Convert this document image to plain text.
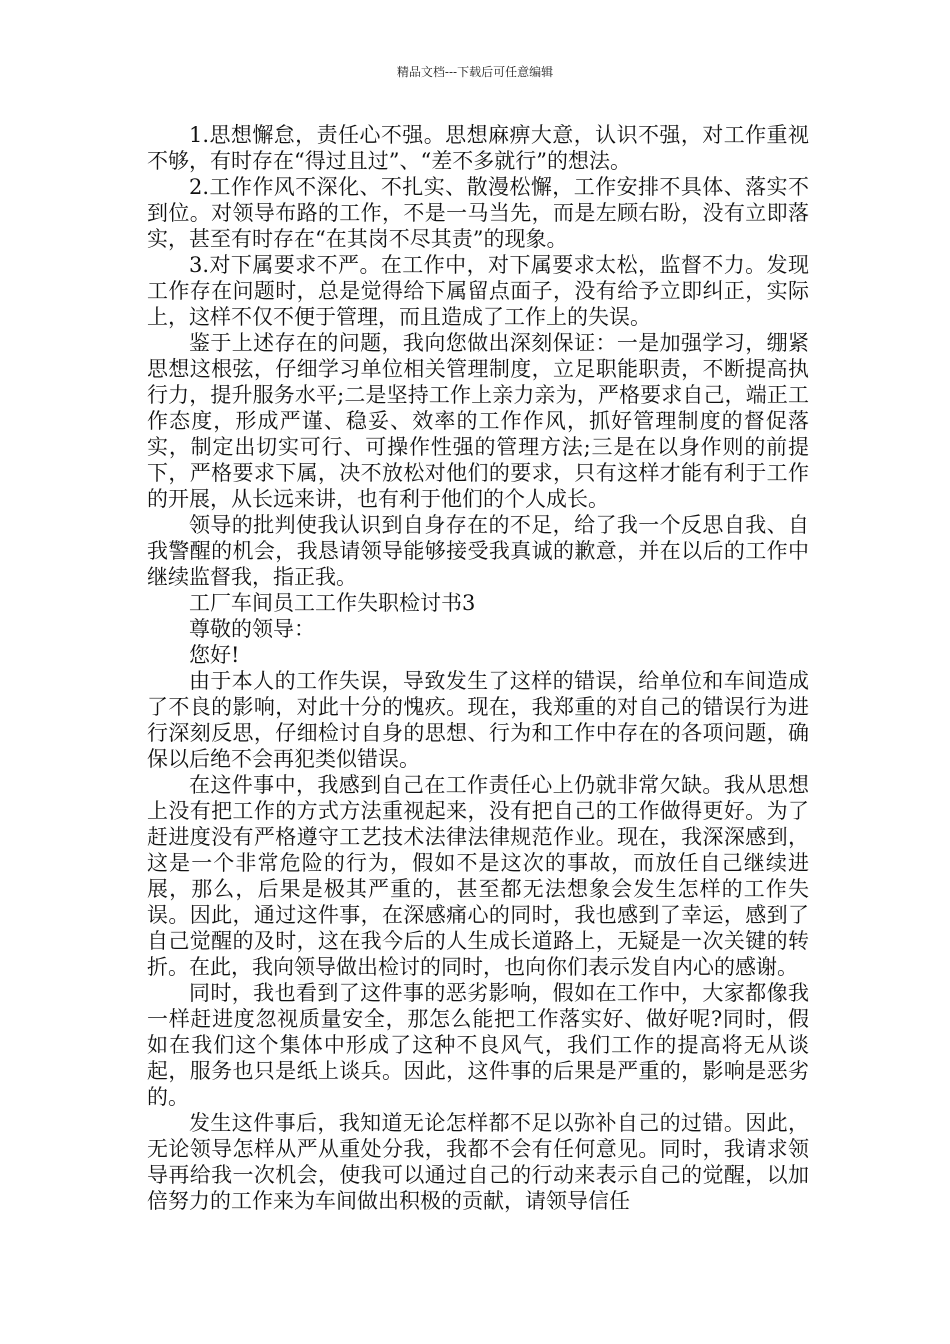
精品文档---下载后可任意编辑

1.思想懈怠，责任心不强。思想麻痹大意，认识不强，对工作重视不够，有时存在“得过且过”、“差不多就行”的想法。

2.工作作风不深化、不扎实、散漫松懈，工作安排不具体、落实不到位。对领导布路的工作，不是一马当先，而是左顾右盼，没有立即落实，甚至有时存在“在其岗不尽其责”的现象。

3.对下属要求不严。在工作中，对下属要求太松，监督不力。发现工作存在问题时，总是觉得给下属留点面子，没有给予立即纠正，实际上，这样不仅不便于管理，而且造成了工作上的失误。

鉴于上述存在的问题，我向您做出深刻保证：一是加强学习，绷紧思想这根弦，仔细学习单位相关管理制度，立足职能职责，不断提高执行力，提升服务水平;二是坚持工作上亲力亲为，严格要求自己，端正工作态度，形成严谨、稳妥、效率的工作作风，抓好管理制度的督促落实，制定出切实可行、可操作性强的管理方法;三是在以身作则的前提下，严格要求下属，决不放松对他们的要求，只有这样才能有利于工作的开展，从长远来讲，也有利于他们的个人成长。

领导的批判使我认识到自身存在的不足，给了我一个反思自我、自我警醒的机会，我恳请领导能够接受我真诚的歉意，并在以后的工作中继续监督我，指正我。

工厂车间员工工作失职检讨书3

尊敬的领导：

您好!

由于本人的工作失误，导致发生了这样的错误，给单位和车间造成了不良的影响，对此十分的愧疚。现在，我郑重的对自己的错误行为进行深刻反思，仔细检讨自身的思想、行为和工作中存在的各项问题，确保以后绝不会再犯类似错误。

在这件事中，我感到自己在工作责任心上仍就非常欠缺。我从思想上没有把工作的方式方法重视起来，没有把自己的工作做得更好。为了赶进度没有严格遵守工艺技术法律法律规范作业。现在，我深深感到，这是一个非常危险的行为，假如不是这次的事故，而放任自己继续进展，那么，后果是极其严重的，甚至都无法想象会发生怎样的工作失误。因此，通过这件事，在深感痛心的同时，我也感到了幸运，感到了自己觉醒的及时，这在我今后的人生成长道路上，无疑是一次关键的转折。在此，我向领导做出检讨的同时，也向你们表示发自内心的感谢。

同时，我也看到了这件事的恶劣影响，假如在工作中，大家都像我一样赶进度忽视质量安全，那怎么能把工作落实好、做好呢?同时，假如在我们这个集体中形成了这种不良风气，我们工作的提高将无从谈起，服务也只是纸上谈兵。因此，这件事的后果是严重的，影响是恶劣的。

发生这件事后，我知道无论怎样都不足以弥补自己的过错。因此，无论领导怎样从严从重处分我，我都不会有任何意见。同时，我请求领导再给我一次机会，使我可以通过自己的行动来表示自己的觉醒，以加倍努力的工作来为车间做出积极的贡献，请领导信任
